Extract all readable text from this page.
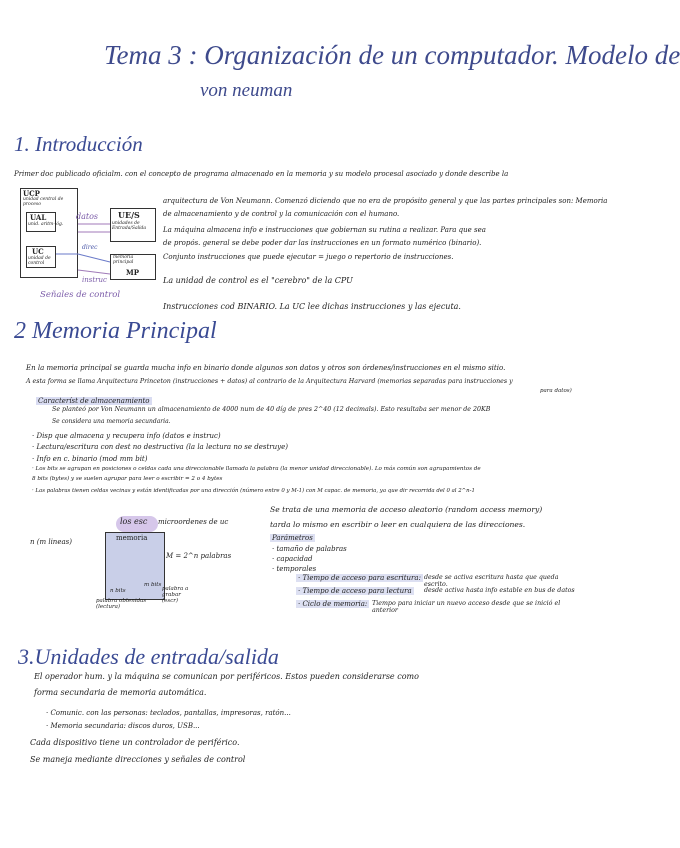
Tema 3 : Organización de un computador. Modelo de
von neuman
1. Introducción
Primer doc publicado oficialm. con el concepto de programa almacenado en la memoria y su modelo procesal asociado y donde describe la
UCP
unidad central de proceso
UAL
unid. aritm-lóg.
UC
unidad de control
UE/S
unidades de Entrada/Salida
memoria principal
MP
datos
direc
instruc
Señales de control
arquitectura de Von Neumann. Comenzó diciendo que no era de propósito general y que las partes principales son: Memoria
de almacenamiento y de control y la comunicación con el humano.
La máquina almacena info e instrucciones que gobiernan su rutina a realizar. Para que sea
de propós. general se debe poder dar las instrucciones en un formato numérico (binario).
Conjunto instrucciones que puede ejecutar = juego o repertorio de instrucciones.
La unidad de control es el "cerebro" de la CPU
Instrucciones cod BINARIO. La UC lee dichas instrucciones y las ejecuta.
2 Memoria Principal
En la memoria principal se guarda mucha info en binario donde algunos son datos y otros son órdenes/instrucciones en el mismo sitio.
A esta forma se llama Arquitectura Princeton (instrucciones + datos) al contrario de la Arquitectura Harvard (memorias separadas para instrucciones y
para datos)
Característ de almacenamiento
Se planteó por Von Neumann un almacenamiento de 4000 num de 40 díg de pres 2^40 (12 decimals). Esto resultaba ser menor de 20KB
Se considera una memoria secundaria.
· Disp que almacena y recupera info (datos e instruc)
· Lectura/escritura con dest no destructiva (la la lectura no se destruye)
· Info en c. binario (mod mm bit)
· Los bits se agrupan en posiciones o celdas cada una direccionable llamada la palabra (la menor unidad direccionable). Lo más común son agrupamientos de
8 bits (bytes) y se suelen agrupar para leer o escribir = 2 o 4 bytes
· Las palabras tienen celdas vecinas y están identificadas por una dirección (número entre 0 y M-1) con M capac. de memoria, ya que dir recorrida del 0 al 2^n-1
n (m lineas)
los esc
memoria
microordenes de uc
M = 2^n palabras
n bits
palabra obtenidas (lectura)
m bits
palabra a grabar (escr)
Se trata de una memoria de acceso aleatorio (random access memory)
tarda lo mismo en escribir o leer en cualquiera de las direcciones.
Parámetros
· tamaño de palabras
· capacidad
· temporales
· Tiempo de acceso para escritura: desde se activa escritura hasta que queda escrito.
· Tiempo de acceso para lectura	desde activa hasta info estable en bus de datos
· Ciclo de memoria: Tiempo para iniciar un nuevo acceso desde que se inició el anterior
3.Unidades de entrada/salida
El operador hum. y la máquina se comunican por periféricos. Estos pueden considerarse como
forma secundaria de memoria automática.
· Comunic. con las personas: teclados, pantallas, impresoras, ratón...
· Memoria secundaria: discos duros, USB...
Cada dispositivo tiene un controlador de periférico.
Se maneja mediante direcciones y señales de control
